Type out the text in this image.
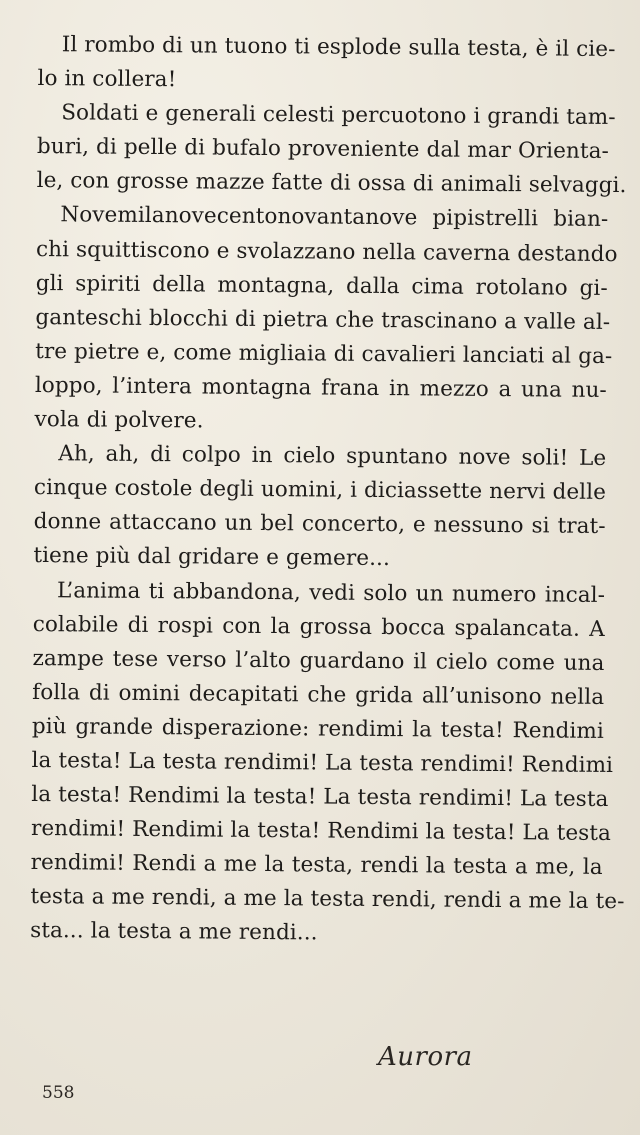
Il rombo di un tuono ti esplode sulla testa, è il cie-
lo in collera!
Soldati e generali celesti percuotono i grandi tam-
buri, di pelle di bufalo proveniente dal mar Orienta-
le, con grosse mazze fatte di ossa di animali selvaggi.
Novemilanovecentonovantanove pipistrelli bian-
chi squittiscono e svolazzano nella caverna destando
gli spiriti della montagna, dalla cima rotolano gi-
ganteschi blocchi di pietra che trascinano a valle al-
tre pietre e, come migliaia di cavalieri lanciati al ga-
loppo, l’intera montagna frana in mezzo a una nu-
vola di polvere.
Ah, ah, di colpo in cielo spuntano nove soli! Le
cinque costole degli uomini, i diciassette nervi delle
donne attaccano un bel concerto, e nessuno si trat-
tiene più dal gridare e gemere...
L’anima ti abbandona, vedi solo un numero incal-
colabile di rospi con la grossa bocca spalancata. A
zampe tese verso l’alto guardano il cielo come una
folla di omini decapitati che grida all’unisono nella
più grande disperazione: rendimi la testa! Rendimi
la testa! La testa rendimi! La testa rendimi! Rendimi
la testa! Rendimi la testa! La testa rendimi! La testa
rendimi! Rendimi la testa! Rendimi la testa! La testa
rendimi! Rendi a me la testa, rendi la testa a me, la
testa a me rendi, a me la testa rendi, rendi a me la te-
sta... la testa a me rendi...
Aurora
558
